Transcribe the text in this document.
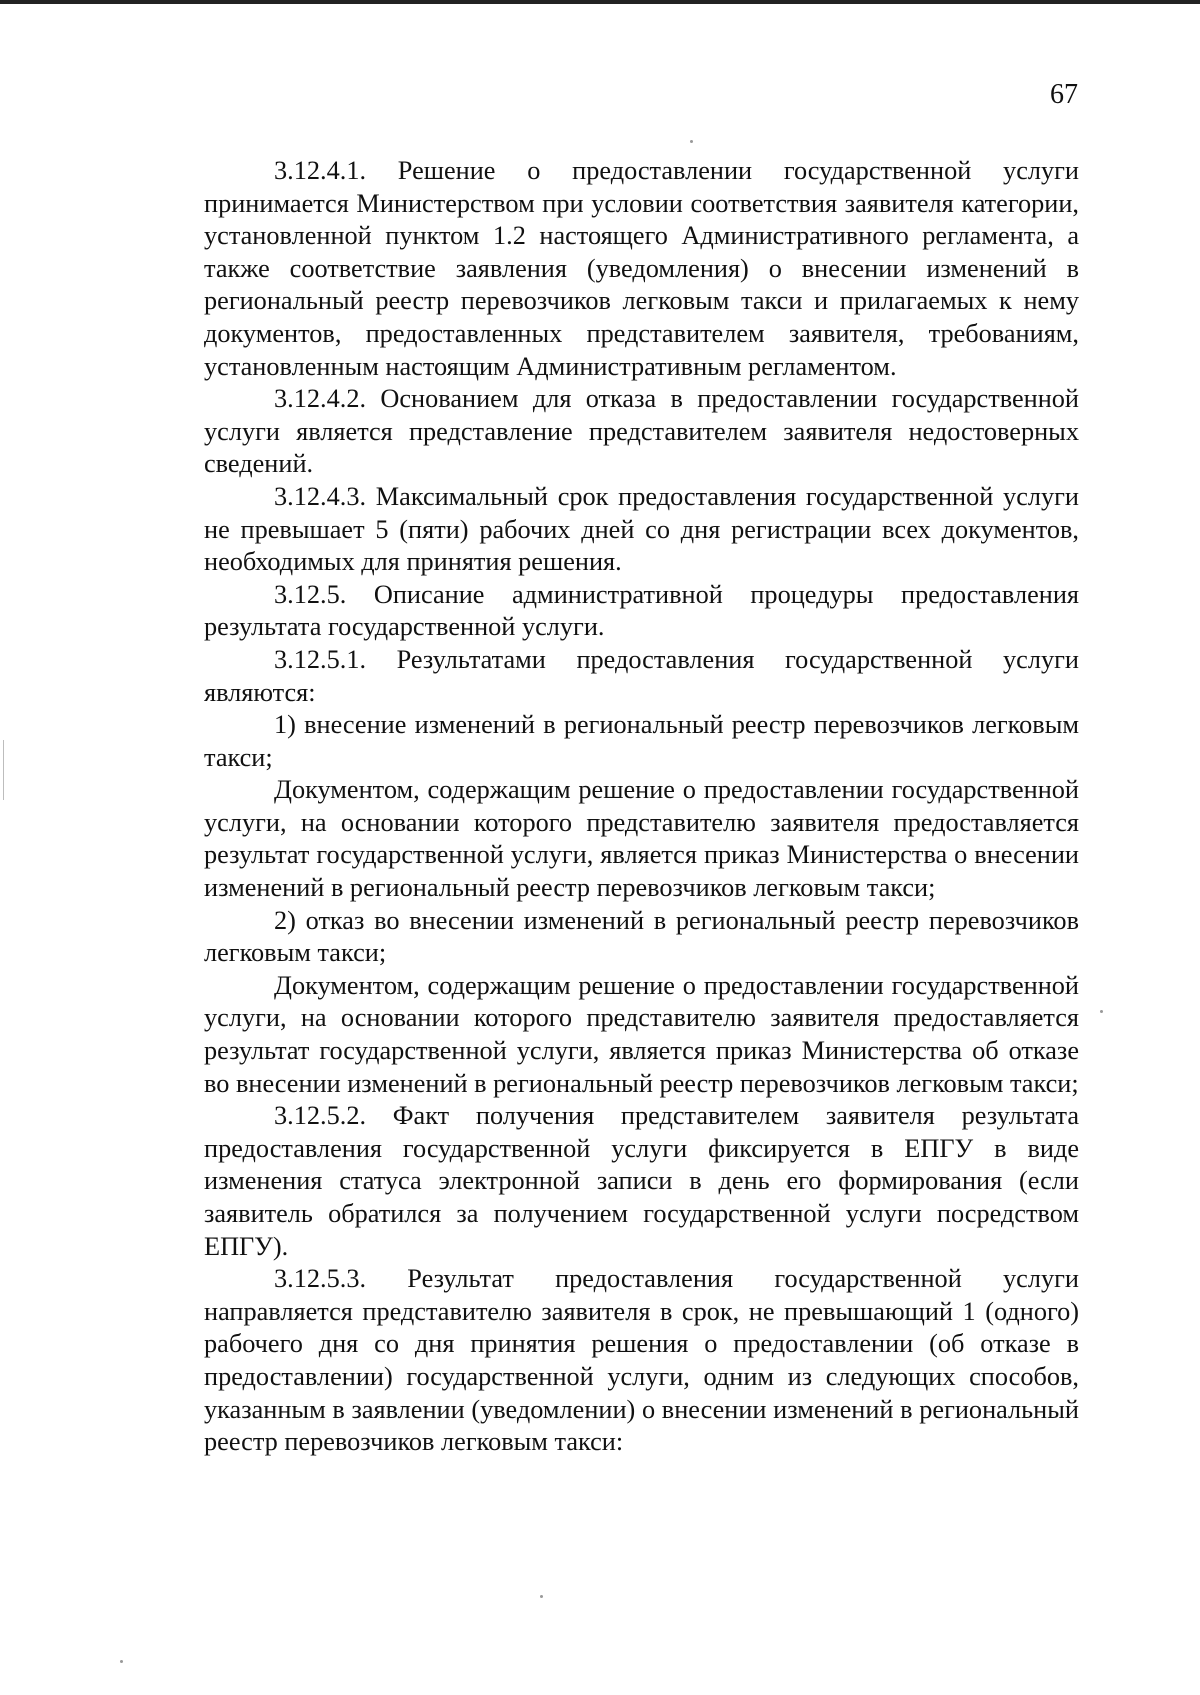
67

3.12.4.1. Решение о предоставлении государственной услуги принимается Министерством при условии соответствия заявителя категории, установленной пунктом 1.2 настоящего Административного регламента, а также соответствие заявления (уведомления) о внесении изменений в региональный реестр перевозчиков легковым такси и прилагаемых к нему документов, предоставленных представителем заявителя, требованиям, установленным настоящим Административным регламентом.

3.12.4.2. Основанием для отказа в предоставлении государственной услуги является представление представителем заявителя недостоверных сведений.

3.12.4.3. Максимальный срок предоставления государственной услуги не превышает 5 (пяти) рабочих дней со дня регистрации всех документов, необходимых для принятия решения.

3.12.5. Описание административной процедуры предоставления результата государственной услуги.

3.12.5.1. Результатами предоставления государственной услуги являются:

1) внесение изменений в региональный реестр перевозчиков легковым такси;

Документом, содержащим решение о предоставлении государственной услуги, на основании которого представителю заявителя предоставляется результат государственной услуги, является приказ Министерства о внесении изменений в региональный реестр перевозчиков легковым такси;

2) отказ во внесении изменений в региональный реестр перевозчиков легковым такси;

Документом, содержащим решение о предоставлении государственной услуги, на основании которого представителю заявителя предоставляется результат государственной услуги, является приказ Министерства об отказе во внесении изменений в региональный реестр перевозчиков легковым такси;

3.12.5.2. Факт получения представителем заявителя результата предоставления государственной услуги фиксируется в ЕПГУ в виде изменения статуса электронной записи в день его формирования (если заявитель обратился за получением государственной услуги посредством ЕПГУ).

3.12.5.3. Результат предоставления государственной услуги направляется представителю заявителя в срок, не превышающий 1 (одного) рабочего дня со дня принятия решения о предоставлении (об отказе в предоставлении) государственной услуги, одним из следующих способов, указанным в заявлении (уведомлении) о внесении изменений в региональный реестр перевозчиков легковым такси:
